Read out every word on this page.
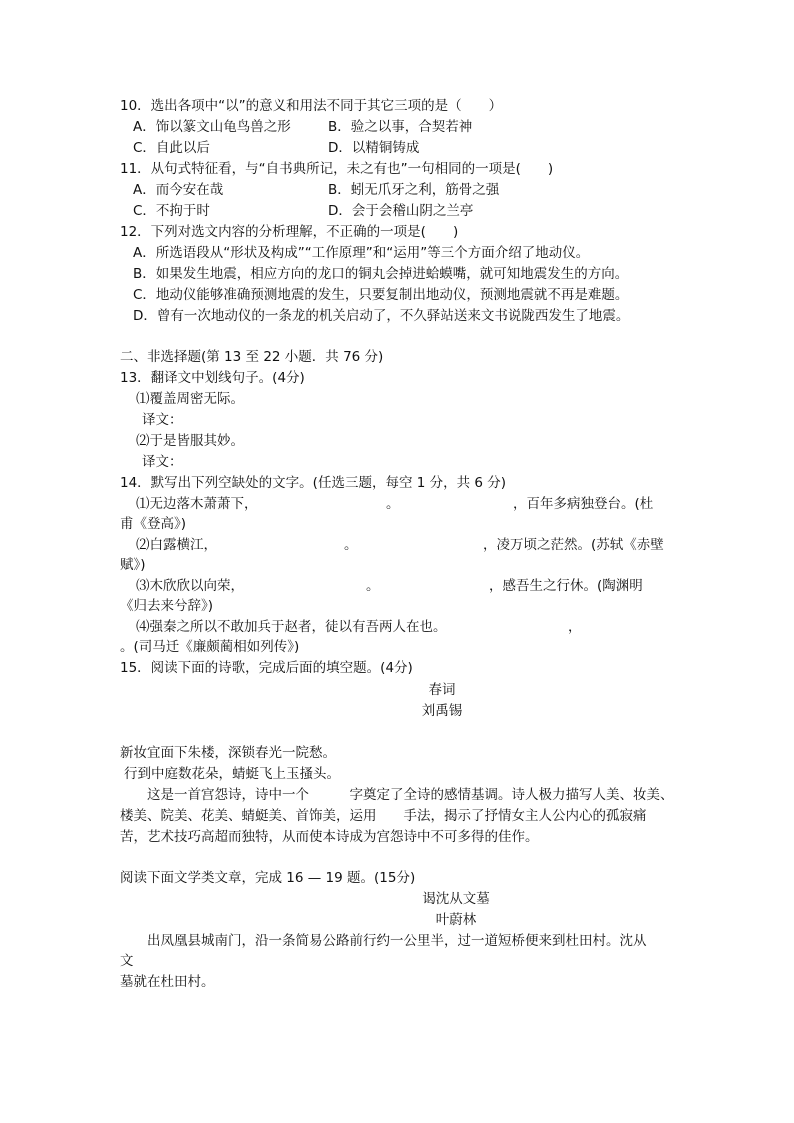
10．选出各项中“以”的意义和用法不同于其它三项的是（　　）
A．饰以篆文山龟鸟兽之形	B．验之以事，合契若神
C．自此以后	D．以精铜铸成
11．从句式特征看，与“自书典所记，未之有也”一句相同的一项是(　　)
A．而今安在哉	B．蚓无爪牙之利，筋骨之强
C．不拘于时	D．会于会稽山阴之兰亭
12．下列对选文内容的分析理解，不正确的一项是(　　)
A．所选语段从“形状及构成”“工作原理”和“运用”等三个方面介绍了地动仪。
B．如果发生地震，相应方向的龙口的铜丸会掉进蛤蟆嘴，就可知地震发生的方向。
C．地动仪能够准确预测地震的发生，只要复制出地动仪，预测地震就不再是难题。
D．曾有一次地动仪的一条龙的机关启动了，不久驿站送来文书说陇西发生了地震。
二、非选择题(第 13 至 22 小题．共 76 分)
13．翻译文中划线句子。(4分)
⑴覆盖周密无际。
译文：
⑵于是皆服其妙。
译文：
14．默写出下列空缺处的文字。(任选三题，每空 1 分，共 6 分)
⑴无边落木萧萧下，	。	，百年多病独登台。(杜
甫《登高》)
⑵白露横江，	。	，凌万顷之茫然。(苏轼《赤壁
赋》)
⑶木欣欣以向荣，	。	，感吾生之行休。(陶渊明
《归去来兮辞》)
⑷强秦之所以不敢加兵于赵者，徒以有吾两人在也。	，
。(司马迁《廉颇蔺相如列传》)
15．阅读下面的诗歌，完成后面的填空题。(4分)
春词
刘禹锡
新妆宜面下朱楼，深锁春光一院愁。
行到中庭数花朵，蜻蜓飞上玉搔头。
这是一首宫怨诗，诗中一个　　　字奠定了全诗的感情基调。诗人极力描写人美、妆美、
楼美、院美、花美、蜻蜓美、首饰美，运用　　手法，揭示了抒情女主人公内心的孤寂痛
苦，艺术技巧高超而独特，从而使本诗成为宫怨诗中不可多得的佳作。
阅读下面文学类文章，完成 16 — 19 题。(15分)
谒沈从文墓
叶蔚林
出凤凰县城南门，沿一条简易公路前行约一公里半，过一道短桥便来到杜田村。沈从
文
墓就在杜田村。
